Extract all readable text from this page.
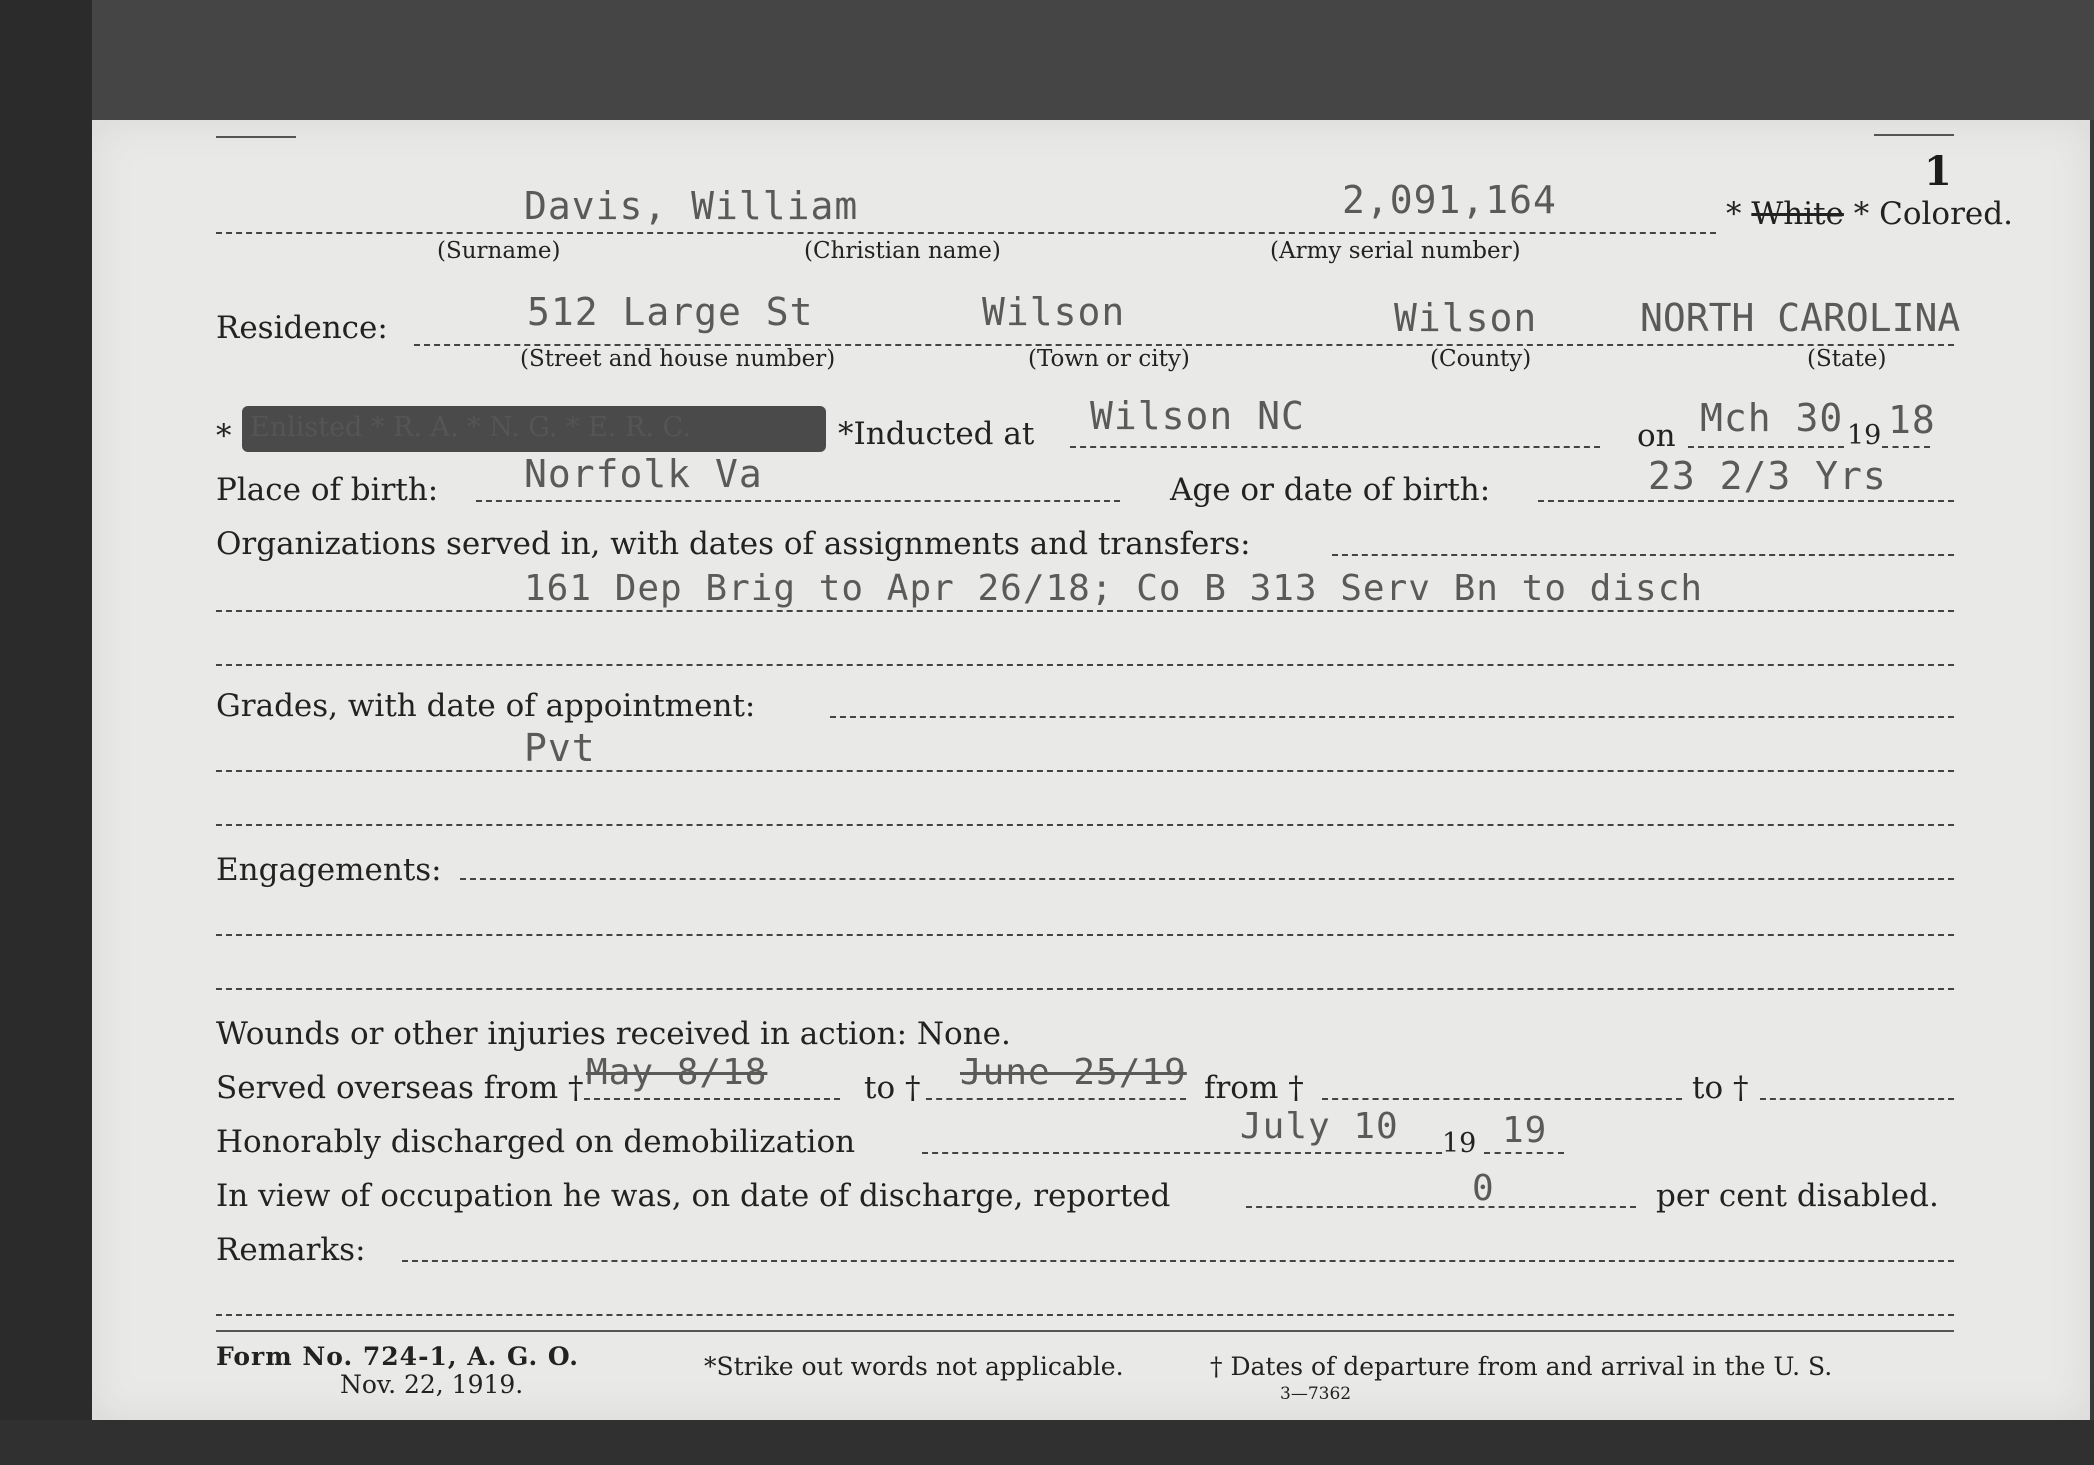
1
Davis, William	2,091,164	* White * Colored.
(Surname)	(Christian name)	(Army serial number)
Residence:	512 Large St	Wilson	Wilson	NORTH CAROLINA
(Street and house number)	(Town or city)	(County)	(State)
* Enlisted * R. A. * N. G. * E. R. C.	*Inducted at Wilson NC	on Mch 30 19 18
Place of birth: Norfolk Va	Age or date of birth:	23 2/3 Yrs
Organizations served in, with dates of assignments and transfers:
161 Dep Brig to Apr 26/18; Co B 313 Serv Bn to disch
Grades, with date of appointment:
Pvt
Engagements:
Wounds or other injuries received in action: None.
Served overseas from † May 8/18	to † June 25/19 from †	to †
Honorably discharged on demobilization	July 10 19 19
In view of occupation he was, on date of discharge, reported	0	per cent disabled.
Remarks:
Form No. 724-1, A. G. O.
Nov. 22, 1919.
*Strike out words not applicable.	† Dates of departure from and arrival in the U. S.
3—7362
